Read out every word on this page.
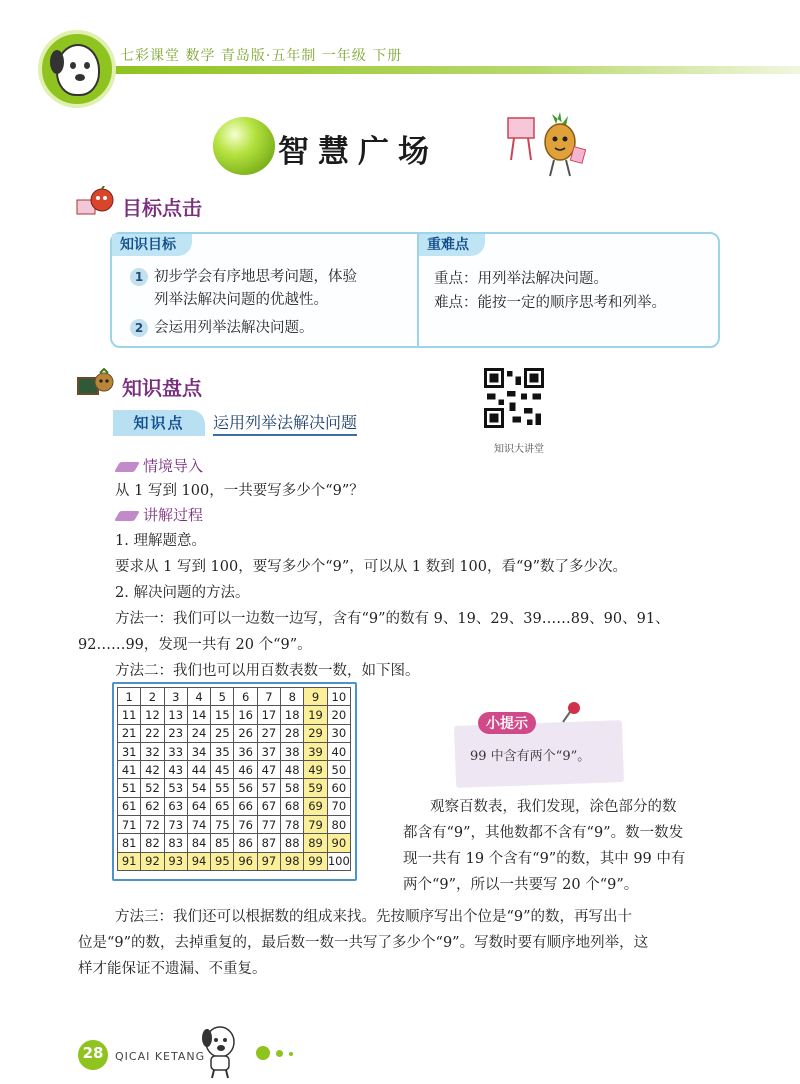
七彩课堂 数学 青岛版·五年制 一年级 下册
智慧广场
目标点击
知识目标	重难点
1 初步学会有序地思考问题，体验
列举法解决问题的优越性。
2 会运用列举法解决问题。
重点：用列举法解决问题。
难点：能按一定的顺序思考和列举。
知识盘点
知识点	运用列举法解决问题
知识大讲堂
情境导入
从 1 写到 100，一共要写多少个“9”？
讲解过程
1. 理解题意。
要求从 1 写到 100，要写多少个“9”，可以从 1 数到 100，看“9”数了多少次。
2. 解决问题的方法。
方法一：我们可以一边数一边写，含有“9”的数有 9、19、29、39……89、90、91、
92……99，发现一共有 20 个“9”。
方法二：我们也可以用百数表数一数，如下图。
1	2	3	4	5	6	7	8	9	10
11	12	13	14	15	16	17	18	19	20
21	22	23	24	25	26	27	28	29	30
31	32	33	34	35	36	37	38	39	40
41	42	43	44	45	46	47	48	49	50
51	52	53	54	55	56	57	58	59	60
61	62	63	64	65	66	67	68	69	70
71	72	73	74	75	76	77	78	79	80
81	82	83	84	85	86	87	88	89	90
91	92	93	94	95	96	97	98	99	100
小提示
99 中含有两个“9”。
观察百数表，我们发现，涂色部分的数
都含有“9”，其他数都不含有“9”。数一数发
现一共有 19 个含有“9”的数，其中 99 中有
两个“9”，所以一共要写 20 个“9”。
方法三：我们还可以根据数的组成来找。先按顺序写出个位是“9”的数，再写出十
位是“9”的数，去掉重复的，最后数一数一共写了多少个“9”。写数时要有顺序地列举，这
样才能保证不遗漏、不重复。
28 QICAI KETANG
